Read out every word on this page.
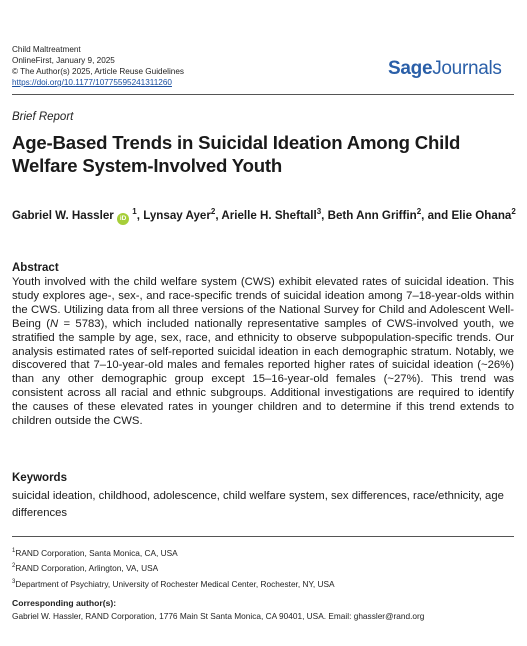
Child Maltreatment
OnlineFirst, January 9, 2025
© The Author(s) 2025, Article Reuse Guidelines
https://doi.org/10.1177/10775595241311260
SageJournals
Brief Report
Age-Based Trends in Suicidal Ideation Among Child Welfare System-Involved Youth
Gabriel W. Hassler iD $^1$, Lynsay Ayer$^2$, Arielle H. Sheftall$^3$, Beth Ann Griffin$^2$, and Elie Ohana$^2$
Abstract
Youth involved with the child welfare system (CWS) exhibit elevated rates of suicidal ideation. This study explores age-, sex-, and race-specific trends of suicidal ideation among 7–18-year-olds within the CWS. Utilizing data from all three versions of the National Survey for Child and Adolescent Well-Being (N = 5783), which included nationally representative samples of CWS-involved youth, we stratified the sample by age, sex, race, and ethnicity to observe subpopulation-specific trends. Our analysis estimated rates of self-reported suicidal ideation in each demographic stratum. Notably, we discovered that 7–10-year-old males and females reported higher rates of suicidal ideation (~26%) than any other demographic group except 15–16-year-old females (~27%). This trend was consistent across all racial and ethnic subgroups. Additional investigations are required to identify the causes of these elevated rates in younger children and to determine if this trend extends to children outside the CWS.
Keywords
suicidal ideation, childhood, adolescence, child welfare system, sex differences, race/ethnicity, age differences
$^1$RAND Corporation, Santa Monica, CA, USA
$^2$RAND Corporation, Arlington, VA, USA
$^3$Department of Psychiatry, University of Rochester Medical Center, Rochester, NY, USA
Corresponding author(s):
Gabriel W. Hassler, RAND Corporation, 1776 Main St Santa Monica, CA 90401, USA. Email: ghassler@rand.org
